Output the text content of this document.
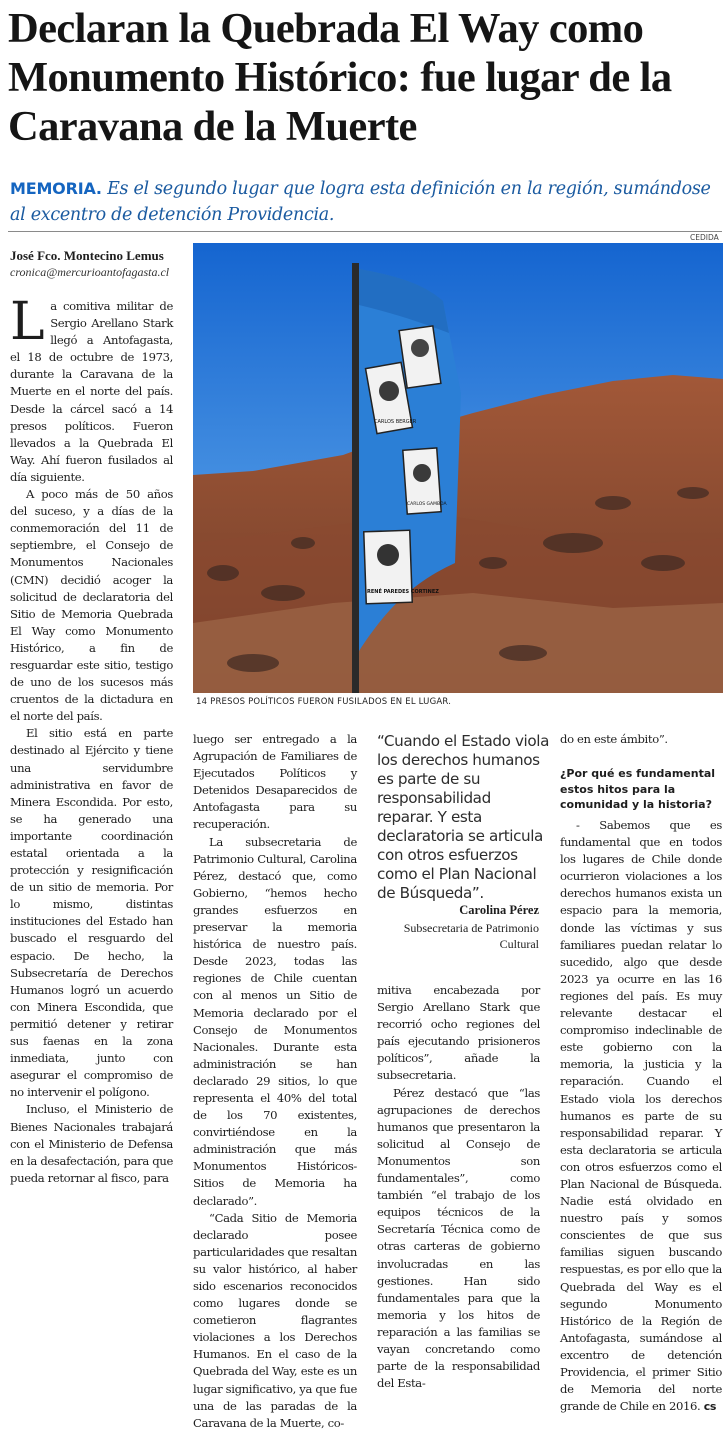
Declaran la Quebrada El Way como Monumento Histórico: fue lugar de la Caravana de la Muerte
MEMORIA. Es el segundo lugar que logra esta definición en la región, sumándose al excentro de detención Providencia.
José Fco. Montecino Lemus
cronica@mercurioantofagasta.cl
CEDIDA
CARLOS BERGER
CARLOS GAMBOA
RENÉ PAREDES CORTINEZ
14 PRESOS POLÍTICOS FUERON FUSILADOS EN EL LUGAR.

La comitiva militar de Sergio Arellano Stark llegó a Antofagasta, el 18 de octubre de 1973, durante la Caravana de la Muerte en el norte del país. Desde la cárcel sacó a 14 presos políticos. Fueron llevados a la Quebrada El Way. Ahí fueron fusilados al día siguiente.

A poco más de 50 años del suceso, y a días de la conmemoración del 11 de septiembre, el Consejo de Monumentos Nacionales (CMN) decidió acoger la solicitud de declaratoria del Sitio de Memoria Quebrada El Way como Monumento Histórico, a fin de resguardar este sitio, testigo de uno de los sucesos más cruentos de la dictadura en el norte del país.

El sitio está en parte destinado al Ejército y tiene una servidumbre administrativa en favor de Minera Escondida. Por esto, se ha generado una importante coordinación estatal orientada a la protección y resignificación de un sitio de memoria. Por lo mismo, distintas instituciones del Estado han buscado el resguardo del espacio. De hecho, la Subsecretaría de Derechos Humanos logró un acuerdo con Minera Escondida, que permitió detener y retirar sus faenas en la zona inmediata, junto con asegurar el compromiso de no intervenir el polígono.

Incluso, el Ministerio de Bienes Nacionales trabajará con el Ministerio de Defensa en la desafectación, para que pueda retornar al fisco, para

luego ser entregado a la Agrupación de Familiares de Ejecutados Políticos y Detenidos Desaparecidos de Antofagasta para su recuperación.

La subsecretaria de Patrimonio Cultural, Carolina Pérez, destacó que, como Gobierno, “hemos hecho grandes esfuerzos en preservar la memoria histórica de nuestro país. Desde 2023, todas las regiones de Chile cuentan con al menos un Sitio de Memoria declarado por el Consejo de Monumentos Nacionales. Durante esta administración se han declarado 29 sitios, lo que representa el 40% del total de los 70 existentes, convirtiéndose en la administración que más Monumentos Históricos-Sitios de Memoria ha declarado”.

“Cada Sitio de Memoria declarado posee particularidades que resaltan su valor histórico, al haber sido escenarios reconocidos como lugares donde se cometieron flagrantes violaciones a los Derechos Humanos. En el caso de la Quebrada del Way, este es un lugar significativo, ya que fue una de las paradas de la Caravana de la Muerte, co-

“Cuando el Estado viola los derechos humanos es parte de su responsabilidad reparar. Y esta declaratoria se articula con otros esfuerzos como el Plan Nacional de Búsqueda”.
Carolina Pérez
Subsecretaria de Patrimonio Cultural

mitiva encabezada por Sergio Arellano Stark que recorrió ocho regiones del país ejecutando prisioneros políticos”, añade la subsecretaria.

Pérez destacó que “las agrupaciones de derechos humanos que presentaron la solicitud al Consejo de Monumentos son fundamentales”, como también “el trabajo de los equipos técnicos de la Secretaría Técnica como de otras carteras de gobierno involucradas en las gestiones. Han sido fundamentales para que la memoria y los hitos de reparación a las familias se vayan concretando como parte de la responsabilidad del Esta-

do en este ámbito”.

¿Por qué es fundamental estos hitos para la comunidad y la historia?

- Sabemos que es fundamental que en todos los lugares de Chile donde ocurrieron violaciones a los derechos humanos exista un espacio para la memoria, donde las víctimas y sus familiares puedan relatar lo sucedido, algo que desde 2023 ya ocurre en las 16 regiones del país. Es muy relevante destacar el compromiso indeclinable de este gobierno con la memoria, la justicia y la reparación. Cuando el Estado viola los derechos humanos es parte de su responsabilidad reparar. Y esta declaratoria se articula con otros esfuerzos como el Plan Nacional de Búsqueda. Nadie está olvidado en nuestro país y somos conscientes de que sus familias siguen buscando respuestas, es por ello que la Quebrada del Way es el segundo Monumento Histórico de la Región de Antofagasta, sumándose al excentro de detención Providencia, el primer Sitio de Memoria del norte grande de Chile en 2016. cs
